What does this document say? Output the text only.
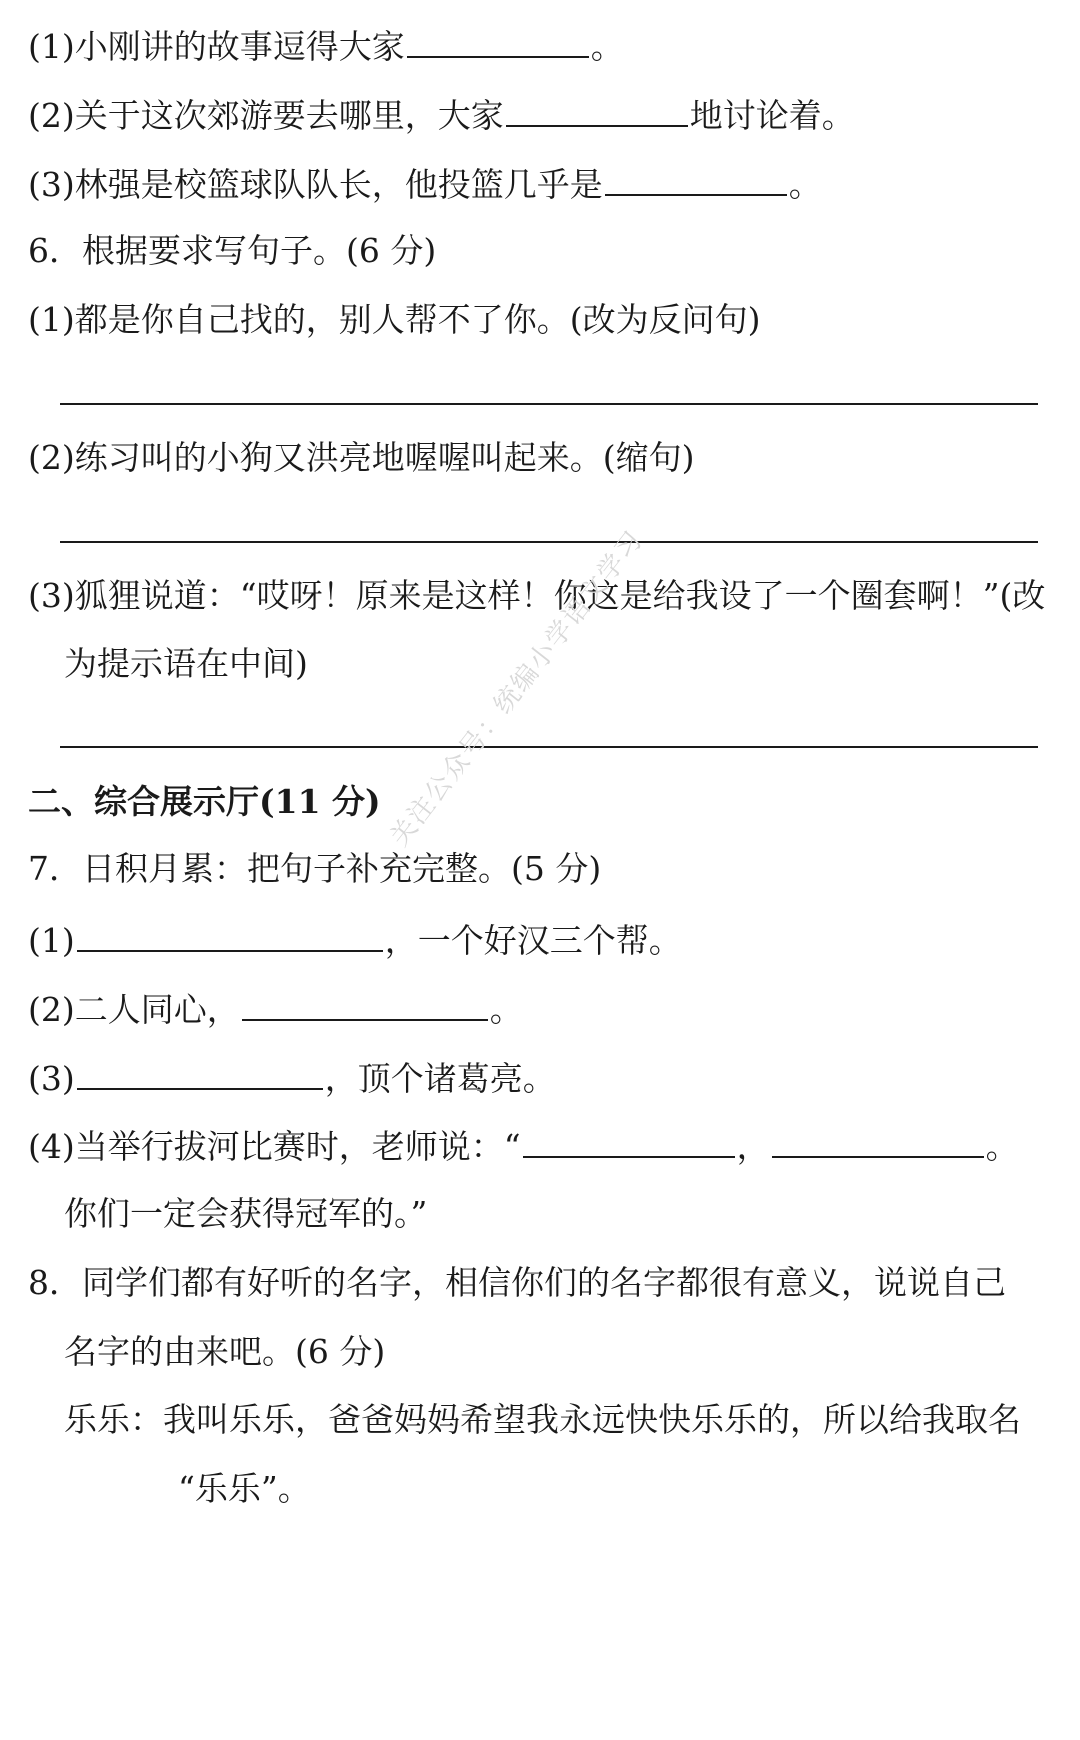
(1)小刚讲的故事逗得大家	。
(2)关于这次郊游要去哪里，大家	地讨论着。
(3)林强是校篮球队队长，他投篮几乎是	。
6．根据要求写句子。(6 分)
(1)都是你自己找的，别人帮不了你。(改为反问句)
(2)练习叫的小狗又洪亮地喔喔叫起来。(缩句)
(3)狐狸说道：“哎呀！原来是这样！你这是给我设了一个圈套啊！”(改
为提示语在中间)
二、综合展示厅(11 分)
7．日积月累：把句子补充完整。(5 分)
(1)	，一个好汉三个帮。
(2)二人同心，	。
(3)	，顶个诸葛亮。
(4)当举行拔河比赛时，老师说：“	，	。
你们一定会获得冠军的。”
8．同学们都有好听的名字，相信你们的名字都很有意义，说说自己
名字的由来吧。(6 分)
乐乐：我叫乐乐，爸爸妈妈希望我永远快快乐乐的，所以给我取名
“乐乐”。
关注公众号：统编小学语文学习
